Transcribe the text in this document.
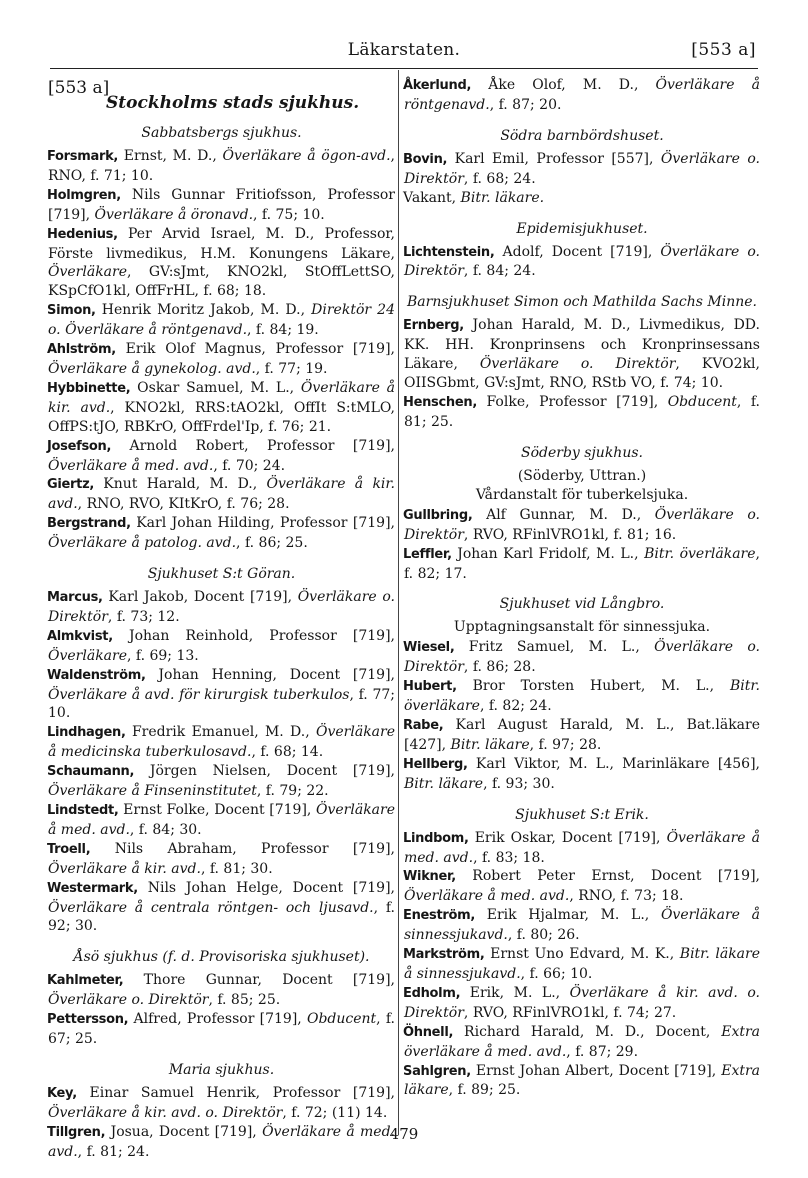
Läkarstaten.	[553 a]
[553 a]
Stockholms stads sjukhus.
Sabbatsbergs sjukhus.
Forsmark, Ernst, M. D., Överläkare å ögon-avd., RNO, f. 71; 10.
Holmgren, Nils Gunnar Fritiofsson, Professor [719], Överläkare å öronavd., f. 75; 10.
Hedenius, Per Arvid Israel, M. D., Professor, Förste livmedikus, H.M. Konungens Läkare, Överläkare, GV:sJmt, KNO2kl, StOffLettSO, KSpCfO1kl, OffFrHL, f. 68; 18.
Simon, Henrik Moritz Jakob, M. D., Direktör 24 o. Överläkare å röntgenavd., f. 84; 19.
Ahlström, Erik Olof Magnus, Professor [719], Överläkare å gynekolog. avd., f. 77; 19.
Hybbinette, Oskar Samuel, M. L., Överläkare å kir. avd., KNO2kl, RRS:tAO2kl, OffIt S:tMLO, OffPS:tJO, RBKrO, OffFrdel'Ip, f. 76; 21.
Josefson, Arnold Robert, Professor [719], Överläkare å med. avd., f. 70; 24.
Giertz, Knut Harald, M. D., Överläkare å kir. avd., RNO, RVO, KItKrO, f. 76; 28.
Bergstrand, Karl Johan Hilding, Professor [719], Överläkare å patolog. avd., f. 86; 25.
Sjukhuset S:t Göran.
Marcus, Karl Jakob, Docent [719], Överläkare o. Direktör, f. 73; 12.
Almkvist, Johan Reinhold, Professor [719], Överläkare, f. 69; 13.
Waldenström, Johan Henning, Docent [719], Överläkare å avd. för kirurgisk tuberkulos, f. 77; 10.
Lindhagen, Fredrik Emanuel, M. D., Överläkare å medicinska tuberkulosavd., f. 68; 14.
Schaumann, Jörgen Nielsen, Docent [719], Överläkare å Finseninstitutet, f. 79; 22.
Lindstedt, Ernst Folke, Docent [719], Överläkare å med. avd., f. 84; 30.
Troell, Nils Abraham, Professor [719], Överläkare å kir. avd., f. 81; 30.
Westermark, Nils Johan Helge, Docent [719], Överläkare å centrala röntgen- och ljusavd., f. 92; 30.
Åsö sjukhus (f. d. Provisoriska sjukhuset).
Kahlmeter, Thore Gunnar, Docent [719], Överläkare o. Direktör, f. 85; 25.
Pettersson, Alfred, Professor [719], Obducent, f. 67; 25.
Maria sjukhus.
Key, Einar Samuel Henrik, Professor [719], Överläkare å kir. avd. o. Direktör, f. 72; (11) 14.
Tillgren, Josua, Docent [719], Överläkare å med. avd., f. 81; 24.
Åkerlund, Åke Olof, M. D., Överläkare å röntgenavd., f. 87; 20.
Södra barnbördshuset.
Bovin, Karl Emil, Professor [557], Överläkare o. Direktör, f. 68; 24.
Vakant, Bitr. läkare.
Epidemisjukhuset.
Lichtenstein, Adolf, Docent [719], Överläkare o. Direktör, f. 84; 24.
Barnsjukhuset Simon och Mathilda Sachs Minne.
Ernberg, Johan Harald, M. D., Livmedikus, DD. KK. HH. Kronprinsens och Kronprinsessans Läkare, Överläkare o. Direktör, KVO2kl, OIISGbmt, GV:sJmt, RNO, RStb VO, f. 74; 10.
Henschen, Folke, Professor [719], Obducent, f. 81; 25.
Söderby sjukhus.
(Söderby, Uttran.)
Vårdanstalt för tuberkelsjuka.
Gullbring, Alf Gunnar, M. D., Överläkare o. Direktör, RVO, RFinlVRO1kl, f. 81; 16.
Leffler, Johan Karl Fridolf, M. L., Bitr. överläkare, f. 82; 17.
Sjukhuset vid Långbro.
Upptagningsanstalt för sinnessjuka.
Wiesel, Fritz Samuel, M. L., Överläkare o. Direktör, f. 86; 28.
Hubert, Bror Torsten Hubert, M. L., Bitr. överläkare, f. 82; 24.
Rabe, Karl August Harald, M. L., Bat.läkare [427], Bitr. läkare, f. 97; 28.
Hellberg, Karl Viktor, M. L., Marinläkare [456], Bitr. läkare, f. 93; 30.
Sjukhuset S:t Erik.
Lindbom, Erik Oskar, Docent [719], Överläkare å med. avd., f. 83; 18.
Wikner, Robert Peter Ernst, Docent [719], Överläkare å med. avd., RNO, f. 73; 18.
Eneström, Erik Hjalmar, M. L., Överläkare å sinnessjukavd., f. 80; 26.
Markström, Ernst Uno Edvard, M. K., Bitr. läkare å sinnessjukavd., f. 66; 10.
Edholm, Erik, M. L., Överläkare å kir. avd. o. Direktör, RVO, RFinlVRO1kl, f. 74; 27.
Öhnell, Richard Harald, M. D., Docent, Extra överläkare å med. avd., f. 87; 29.
Sahlgren, Ernst Johan Albert, Docent [719], Extra läkare, f. 89; 25.
479
